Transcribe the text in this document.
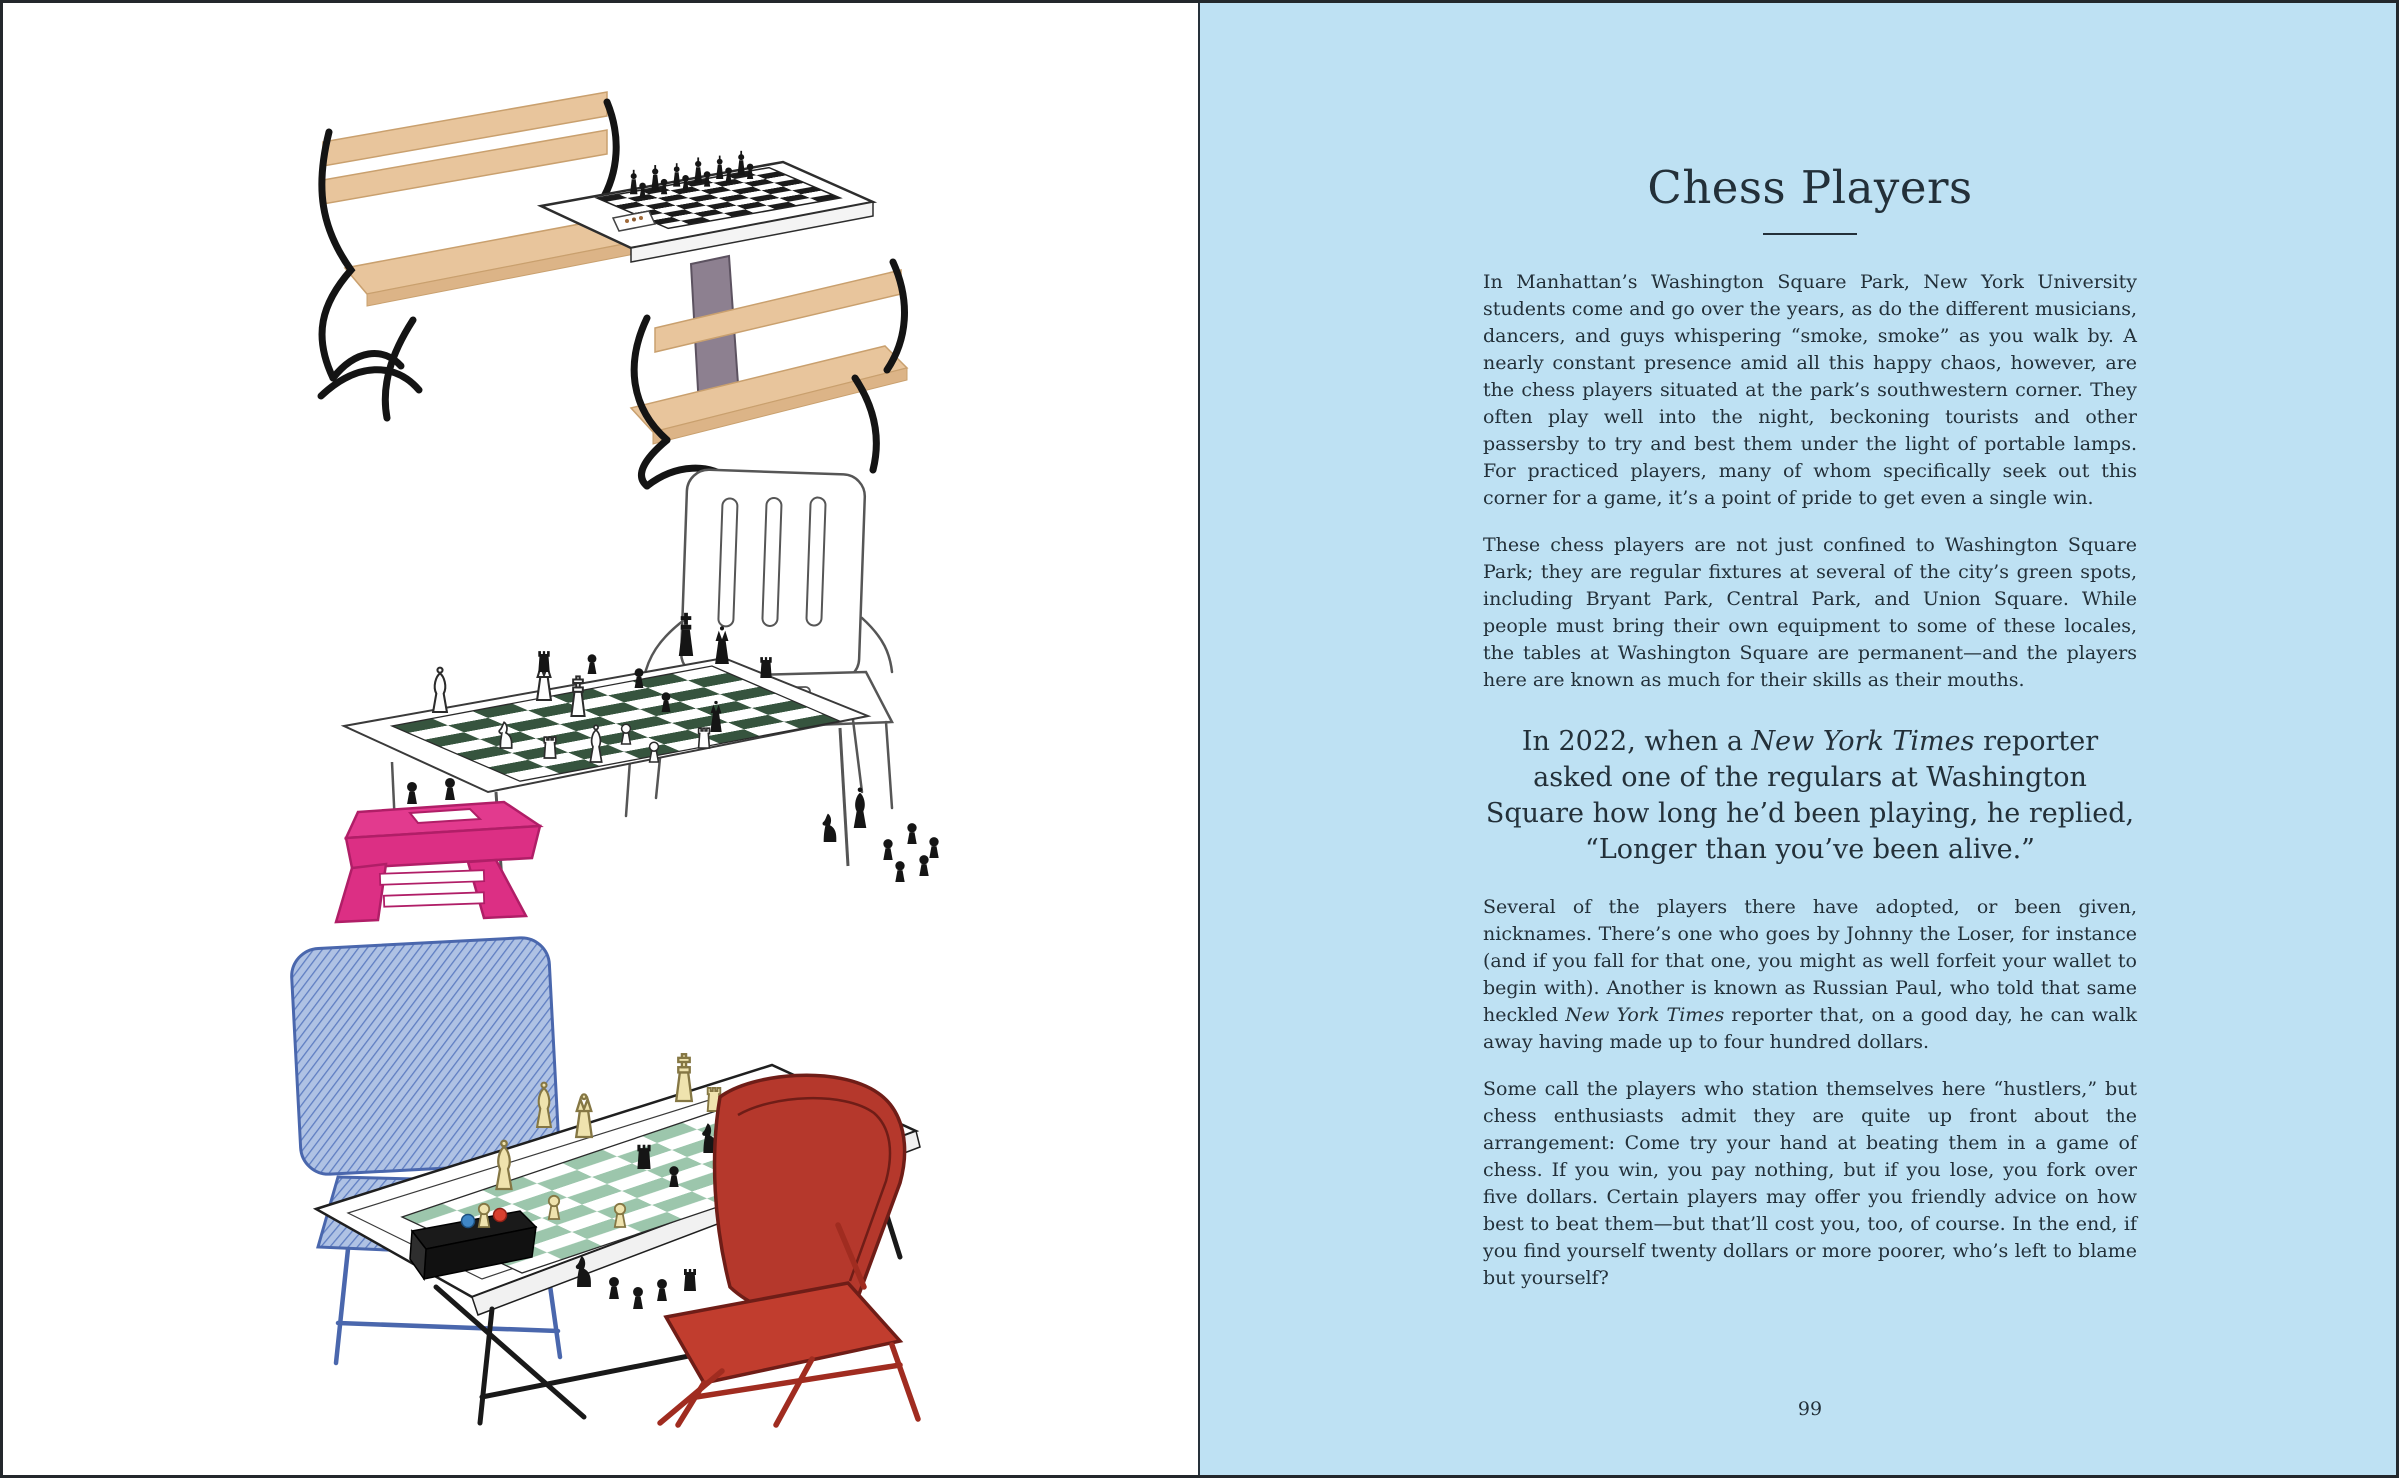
Chess Players

In Manhattan’s Washington Square Park, New York University students come and go over the years, as do the different musicians, dancers, and guys whispering “smoke, smoke” as you walk by. A nearly constant presence amid all this happy chaos, however, are the chess players situated at the park’s southwestern corner. They often play well into the night, beckoning tourists and other passersby to try and best them under the light of portable lamps. For practiced players, many of whom specifically seek out this corner for a game, it’s a point of pride to get even a single win.

These chess players are not just confined to Washington Square Park; they are regular fixtures at several of the city’s green spots, including Bryant Park, Central Park, and Union Square. While people must bring their own equipment to some of these locales, the tables at Washington Square are permanent—and the players here are known as much for their skills as their mouths.

In 2022, when a New York Times reporter
asked one of the regulars at Washington
Square how long he’d been playing, he replied,
“Longer than you’ve been alive.”

Several of the players there have adopted, or been given, nicknames. There’s one who goes by Johnny the Loser, for instance (and if you fall for that one, you might as well forfeit your wallet to begin with). Another is known as Russian Paul, who told that same heckled New York Times reporter that, on a good day, he can walk away having made up to four hundred dollars.

Some call the players who station themselves here “hustlers,” but chess enthusiasts admit they are quite up front about the arrangement: Come try your hand at beating them in a game of chess. If you win, you pay nothing, but if you lose, you fork over five dollars. Certain players may offer you friendly advice on how best to beat them—but that’ll cost you, too, of course. In the end, if you find yourself twenty dollars or more poorer, who’s left to blame but yourself?

99
